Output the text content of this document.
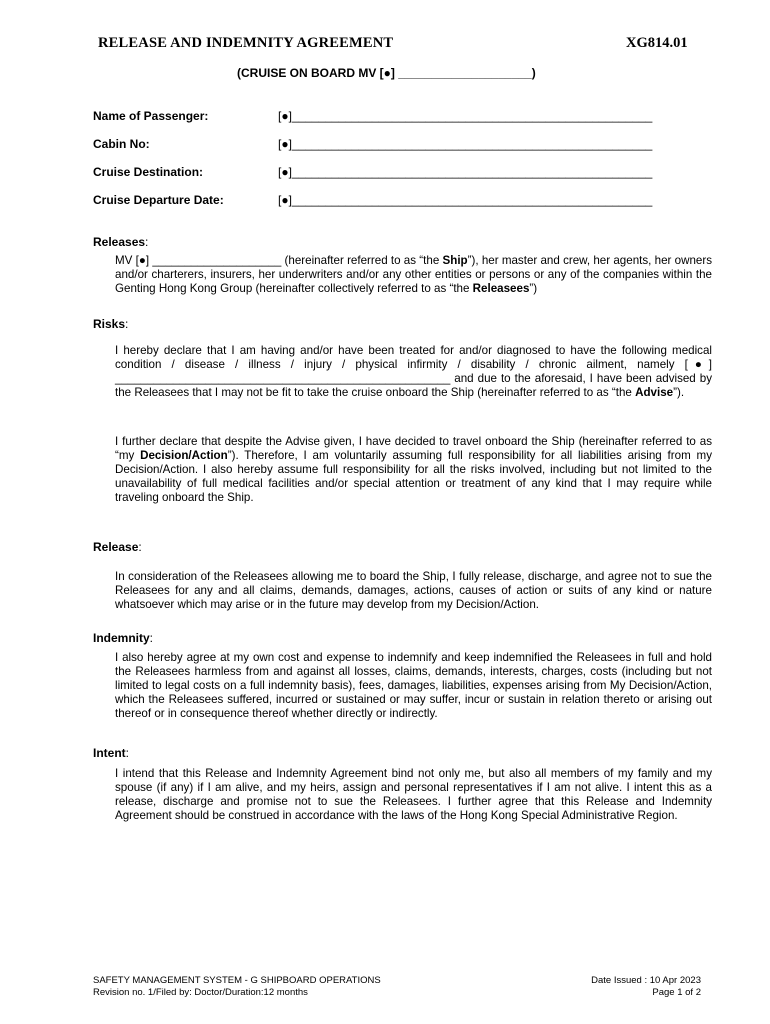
RELEASE AND INDEMNITY AGREEMENT	XG814.01
(CRUISE ON BOARD MV [●] ____________________)
Name of Passenger:	[●]______________________________________________________
Cabin No:	[●]______________________________________________________
Cruise Destination:	[●]______________________________________________________
Cruise Departure Date:	[●]______________________________________________________
Releases:
MV [●] ____________________ (hereinafter referred to as “the Ship”), her master and crew, her agents, her owners and/or charterers, insurers, her underwriters and/or any other entities or persons or any of the companies within the Genting Hong Kong Group (hereinafter collectively referred to as “the Releasees”)
Risks:
I hereby declare that I am having and/or have been treated for and/or diagnosed to have the following medical condition / disease / illness / injury / physical infirmity / disability / chronic ailment, namely [●] ____________________________________________________ and due to the aforesaid, I have been advised by the Releasees that I may not be fit to take the cruise onboard the Ship (hereinafter referred to as “the Advise”).
I further declare that despite the Advise given, I have decided to travel onboard the Ship (hereinafter referred to as “my Decision/Action”). Therefore, I am voluntarily assuming full responsibility for all liabilities arising from my Decision/Action. I also hereby assume full responsibility for all the risks involved, including but not limited to the unavailability of full medical facilities and/or special attention or treatment of any kind that I may require while traveling onboard the Ship.
Release:
In consideration of the Releasees allowing me to board the Ship, I fully release, discharge, and agree not to sue the Releasees for any and all claims, demands, damages, actions, causes of action or suits of any kind or nature whatsoever which may arise or in the future may develop from my Decision/Action.
Indemnity:
I also hereby agree at my own cost and expense to indemnify and keep indemnified the Releasees in full and hold the Releasees harmless from and against all losses, claims, demands, interests, charges, costs (including but not limited to legal costs on a full indemnity basis), fees, damages, liabilities, expenses arising from My Decision/Action, which the Releasees suffered, incurred or sustained or may suffer, incur or sustain in relation thereto or arising out thereof or in consequence thereof whether directly or indirectly.
Intent:
I intend that this Release and Indemnity Agreement bind not only me, but also all members of my family and my spouse (if any) if I am alive, and my heirs, assign and personal representatives if I am not alive. I intent this as a release, discharge and promise not to sue the Releasees. I further agree that this Release and Indemnity Agreement should be construed in accordance with the laws of the Hong Kong Special Administrative Region.
SAFETY MANAGEMENT SYSTEM - G SHIPBOARD OPERATIONS
Revision no. 1/Filed by: Doctor/Duration:12 months
Date Issued : 10 Apr 2023
Page 1 of 2
